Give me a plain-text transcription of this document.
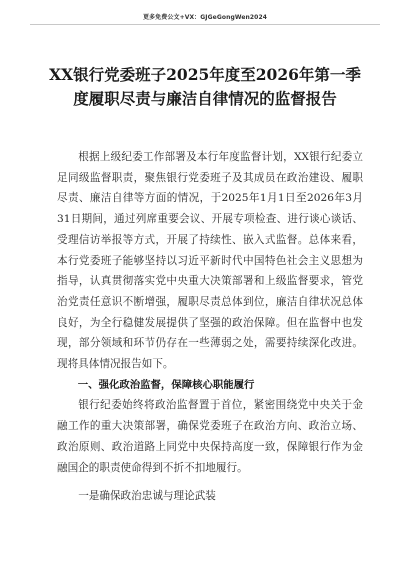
更多免费公文+VX：GJGeGongWen2024
XX银行党委班子2025年度至2026年第一季度履职尽责与廉洁自律情况的监督报告

根据上级纪委工作部署及本行年度监督计划，XX银行纪委立足同级监督职责，聚焦银行党委班子及其成员在政治建设、履职尽责、廉洁自律等方面的情况，于2025年1月1日至2026年3月31日期间，通过列席重要会议、开展专项检查、进行谈心谈话、受理信访举报等方式，开展了持续性、嵌入式监督。总体来看，本行党委班子能够坚持以习近平新时代中国特色社会主义思想为指导，认真贯彻落实党中央重大决策部署和上级监督要求，管党治党责任意识不断增强，履职尽责总体到位，廉洁自律状况总体良好，为全行稳健发展提供了坚强的政治保障。但在监督中也发现，部分领域和环节仍存在一些薄弱之处，需要持续深化改进。现将具体情况报告如下。

一、强化政治监督，保障核心职能履行

银行纪委始终将政治监督置于首位，紧密围绕党中央关于金融工作的重大决策部署，确保党委班子在政治方向、政治立场、政治原则、政治道路上同党中央保持高度一致，保障银行作为金融国企的职责使命得到不折不扣地履行。

一是确保政治忠诚与理论武装
